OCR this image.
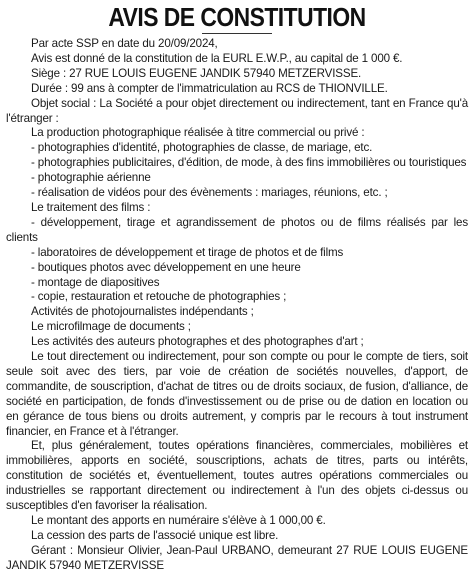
AVIS DE CONSTITUTION

Par acte SSP en date du 20/09/2024,

Avis est donné de la constitution de la EURL E.W.P., au capital de 1 000 €.

Siège : 27 RUE LOUIS EUGENE JANDIK 57940 METZERVISSE.

Durée : 99 ans à compter de l'immatriculation au RCS de THIONVILLE.

Objet social : La Société a pour objet directement ou indirectement, tant en France qu'à l'étranger :

La production photographique réalisée à titre commercial ou privé :

- photographies d'identité, photographies de classe, de mariage, etc.

- photographies publicitaires, d'édition, de mode, à des fins immobilières ou touristiques

- photographie aérienne

- réalisation de vidéos pour des évènements : mariages, réunions, etc. ;

Le traitement des films :

- développement, tirage et agrandissement de photos ou de films réalisés par les clients

- laboratoires de développement et tirage de photos et de films

- boutiques photos avec développement en une heure

- montage de diapositives

- copie, restauration et retouche de photographies ;

Activités de photojournalistes indépendants ;

Le microfilmage de documents ;

Les activités des auteurs photographes et des photographes d'art ;

Le tout directement ou indirectement, pour son compte ou pour le compte de tiers, soit seule soit avec des tiers, par voie de création de sociétés nouvelles, d'apport, de commandite, de souscription, d'achat de titres ou de droits sociaux, de fusion, d'alliance, de société en participation, de fonds d'investissement ou de prise ou de dation en location ou en gérance de tous biens ou droits autrement, y compris par le recours à tout instrument financier, en France et à l'étranger.

Et, plus généralement, toutes opérations financières, commerciales, mobilières et immobilières, apports en société, souscriptions, achats de titres, parts ou intérêts, constitution de sociétés et, éventuellement, toutes autres opérations commerciales ou industrielles se rapportant directement ou indirectement à l'un des objets ci-dessus ou susceptibles d'en favoriser la réalisation.

Le montant des apports en numéraire s'élève à 1 000,00 €.

La cession des parts de l'associé unique est libre.

Gérant : Monsieur Olivier, Jean-Paul URBANO, demeurant 27 RUE LOUIS EUGENE JANDIK 57940 METZERVISSE
